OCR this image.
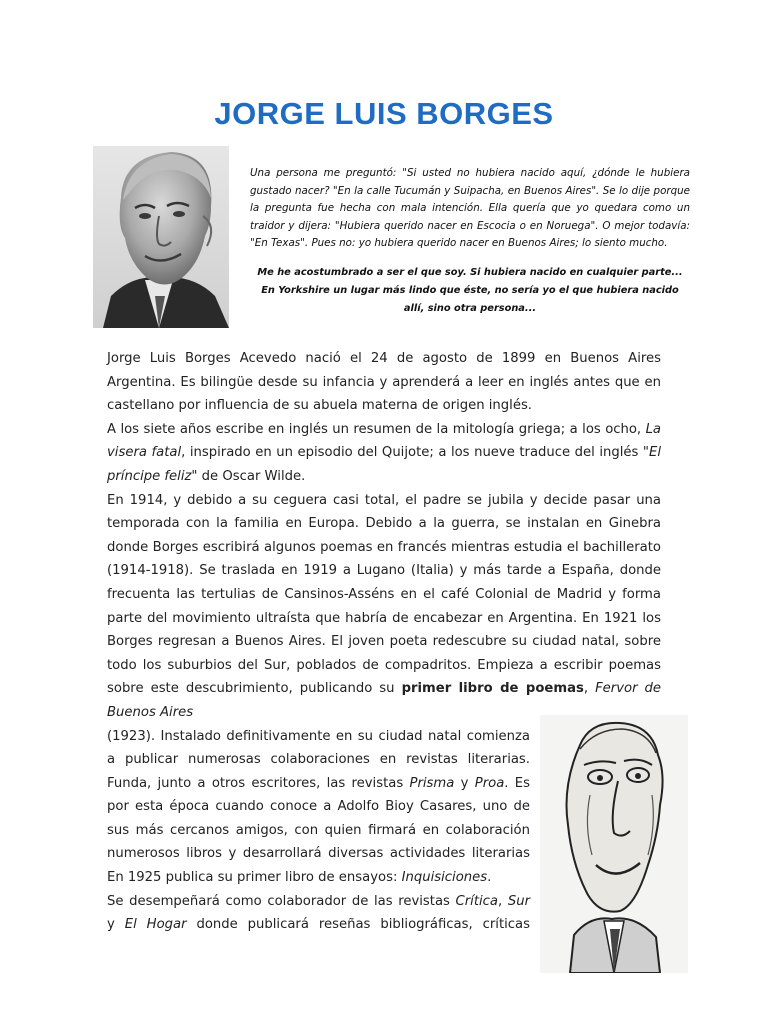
JORGE LUIS BORGES

Una persona me preguntó: "Si usted no hubiera nacido aquí, ¿dónde le hubiera gustado nacer? "En la calle Tucumán y Suipacha, en Buenos Aires". Se lo dije porque la pregunta fue hecha con mala intención. Ella quería que yo quedara como un traidor y dijera: "Hubiera querido nacer en Escocia o en Noruega". O mejor todavía: "En Texas". Pues no: yo hubiera querido nacer en Buenos Aires; lo siento mucho.

Me he acostumbrado a ser el que soy. Si hubiera nacido en cualquier parte... En Yorkshire un lugar más lindo que éste, no sería yo el que hubiera nacido allí, sino otra persona...

Jorge Luis Borges Acevedo nació el 24 de agosto de 1899 en Buenos Aires Argentina. Es bilingüe desde su infancia y aprenderá a leer en inglés antes que en castellano por influencia de su abuela materna de origen inglés.

A los siete años escribe en inglés un resumen de la mitología griega; a los ocho, La visera fatal, inspirado en un episodio del Quijote; a los nueve traduce del inglés "El príncipe feliz" de Oscar Wilde.

En 1914, y debido a su ceguera casi total, el padre se jubila y decide pasar una temporada con la familia en Europa. Debido a la guerra, se instalan en Ginebra donde Borges escribirá algunos poemas en francés mientras estudia el bachillerato (1914-1918). Se traslada en 1919 a Lugano (Italia) y más tarde a España, donde frecuenta las tertulias de Cansinos-Asséns en el café Colonial de Madrid y forma parte del movimiento ultraísta que habría de encabezar en Argentina. En 1921 los Borges regresan a Buenos Aires. El joven poeta redescubre su ciudad natal, sobre todo los suburbios del Sur, poblados de compadritos. Empieza a escribir poemas sobre este descubrimiento, publicando su primer libro de poemas, Fervor de Buenos Aires

(1923). Instalado definitivamente en su ciudad natal comienza a publicar numerosas colaboraciones en revistas literarias. Funda, junto a otros escritores, las revistas Prisma y Proa. Es por esta época cuando conoce a Adolfo Bioy Casares, uno de sus más cercanos amigos, con quien firmará en colaboración numerosos libros y desarrollará diversas actividades literarias En 1925 publica su primer libro de ensayos: Inquisiciones.

Se desempeñará como colaborador de las revistas Crítica, Sur y El Hogar donde publicará reseñas bibliográficas, críticas
